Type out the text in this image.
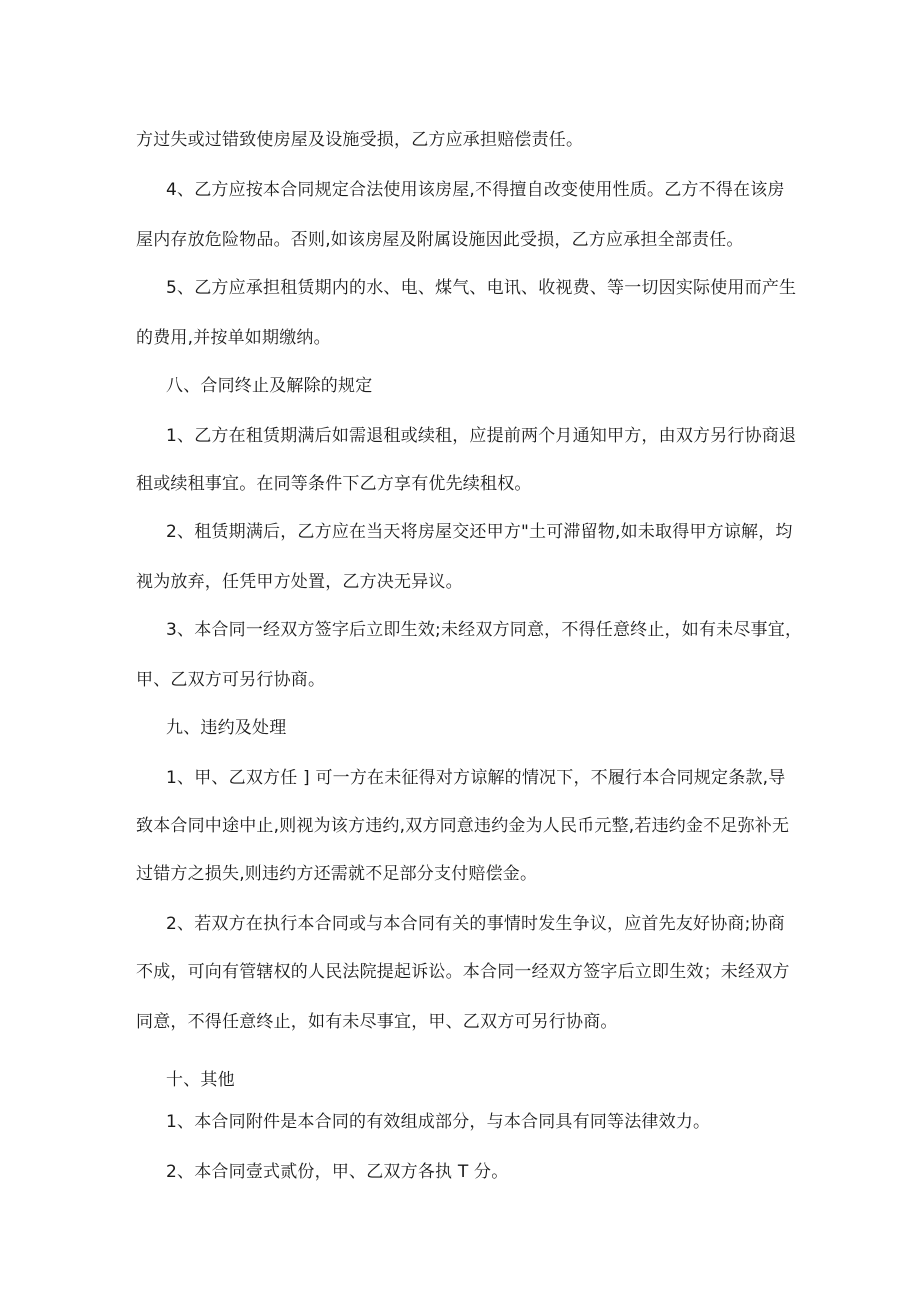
方过失或过错致使房屋及设施受损，乙方应承担赔偿责任。
4、乙方应按本合同规定合法使用该房屋,不得擅自改变使用性质。乙方不得在该房
屋内存放危险物品。否则,如该房屋及附属设施因此受损，乙方应承担全部责任。
5、乙方应承担租赁期内的水、电、煤气、电讯、收视费、等一切因实际使用而产生
的费用,并按单如期缴纳。
八、合同终止及解除的规定
1、乙方在租赁期满后如需退租或续租，应提前两个月通知甲方，由双方另行协商退
租或续租事宜。在同等条件下乙方享有优先续租权。
2、租赁期满后，乙方应在当天将房屋交还甲方"土可滞留物,如未取得甲方谅解，均
视为放弃，任凭甲方处置，乙方决无异议。
3、本合同一经双方签字后立即生效;未经双方同意，不得任意终止，如有未尽事宜，
甲、乙双方可另行协商。
九、违约及处理
1、甲、乙双方任 ] 可一方在未征得对方谅解的情况下，不履行本合同规定条款,导
致本合同中途中止,则视为该方违约,双方同意违约金为人民币元整,若违约金不足弥补无
过错方之损失,则违约方还需就不足部分支付赔偿金。
2、若双方在执行本合同或与本合同有关的事情时发生争议，应首先友好协商;协商
不成，可向有管辖权的人民法院提起诉讼。本合同一经双方签字后立即生效；未经双方
同意，不得任意终止，如有未尽事宜，甲、乙双方可另行协商。
十、其他
1、本合同附件是本合同的有效组成部分，与本合同具有同等法律效力。
2、本合同壹式贰份，甲、乙双方各执 T 分。
